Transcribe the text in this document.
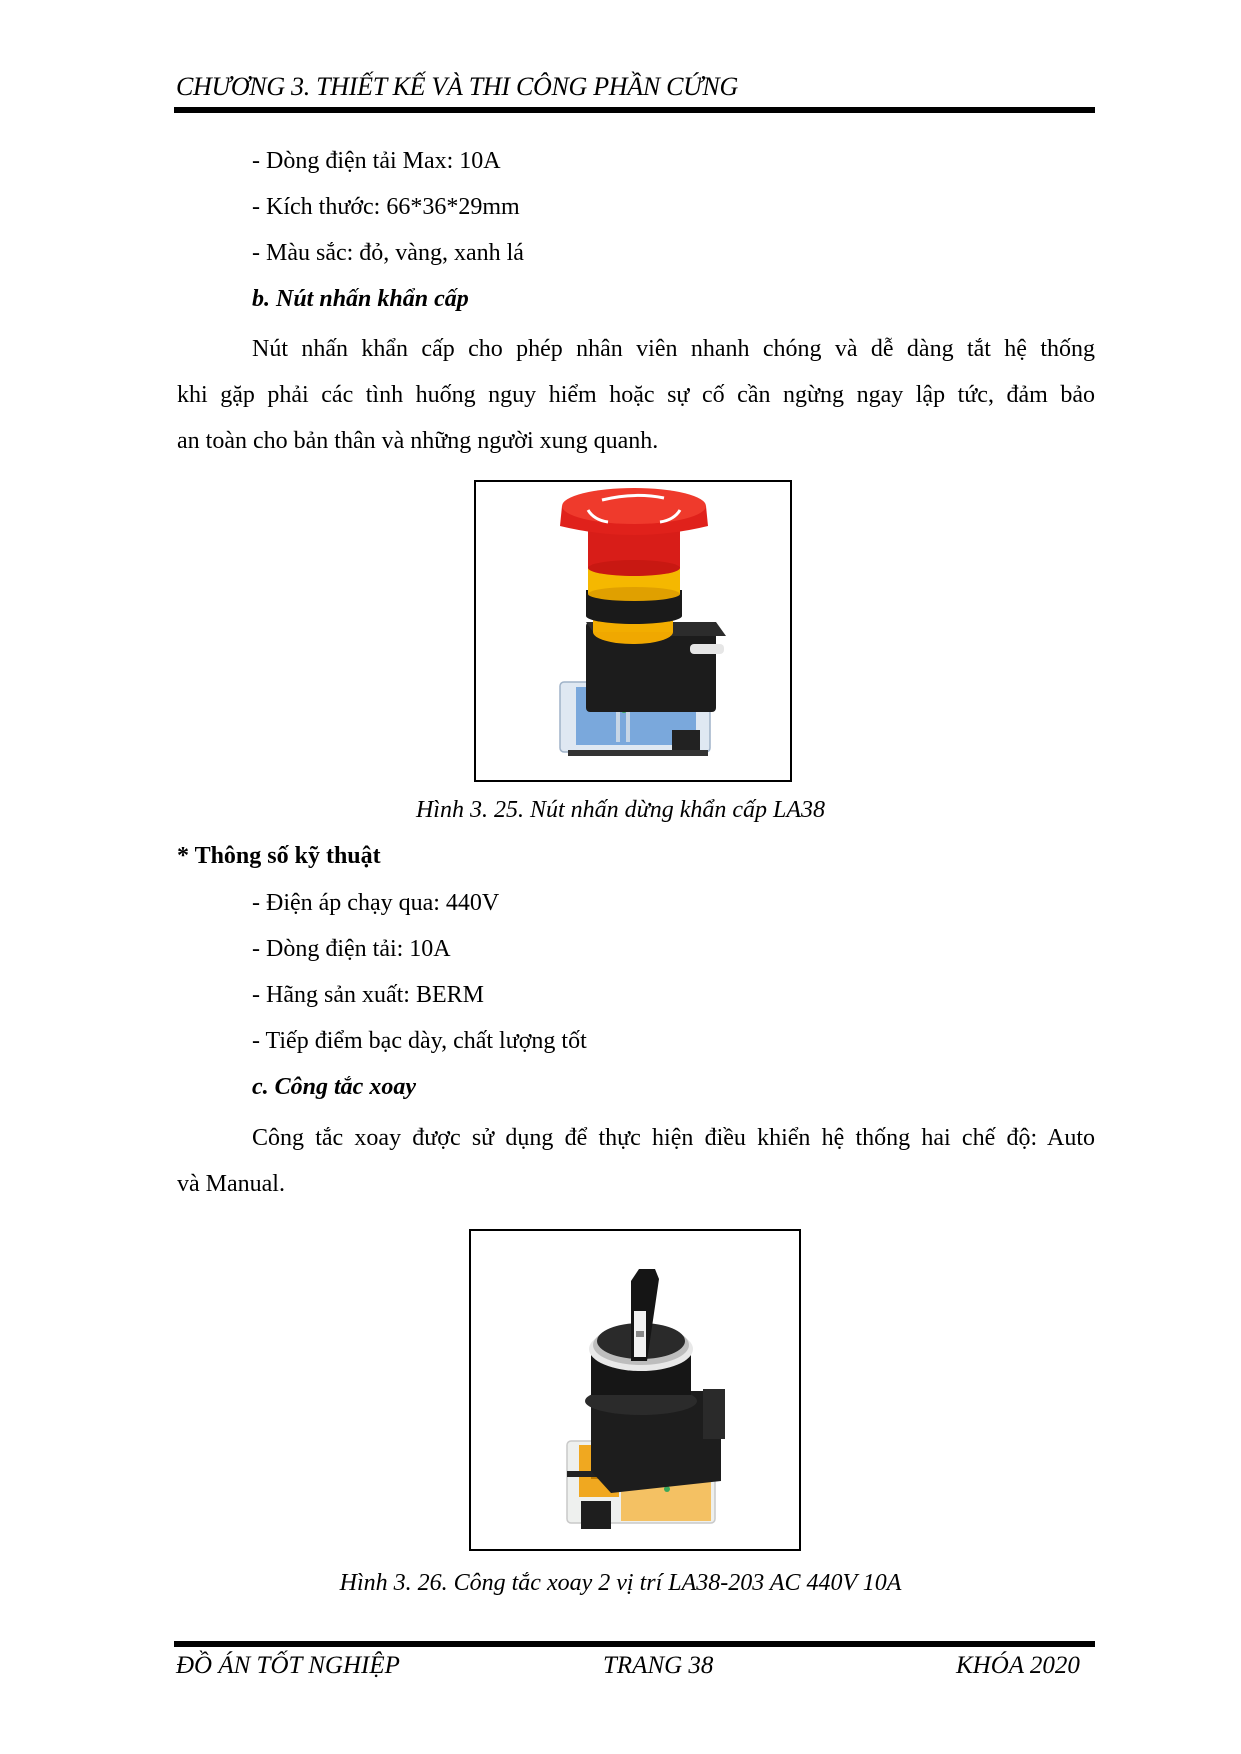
CHƯƠNG 3. THIẾT KẾ VÀ THI CÔNG PHẦN CỨNG
- Dòng điện tải Max: 10A
- Kích thước: 66*36*29mm
- Màu sắc: đỏ, vàng, xanh lá
b. Nút nhấn khẩn cấp
Nút nhấn khẩn cấp cho phép nhân viên nhanh chóng và dễ dàng tắt hệ thống
khi gặp phải các tình huống nguy hiểm hoặc sự cố cần ngừng ngay lập tức, đảm bảo
an toàn cho bản thân và những người xung quanh.
Hình 3. 25. Nút nhấn dừng khẩn cấp LA38
* Thông số kỹ thuật
- Điện áp chạy qua: 440V
- Dòng điện tải: 10A
- Hãng sản xuất: BERM
- Tiếp điểm bạc dày, chất lượng tốt
c. Công tắc xoay
Công tắc xoay được sử dụng để thực hiện điều khiển hệ thống hai chế độ: Auto
và Manual.
Hình 3. 26. Công tắc xoay 2 vị trí LA38-203 AC 440V 10A
ĐỒ ÁN TỐT NGHIỆP	TRANG 38	KHÓA 2020
